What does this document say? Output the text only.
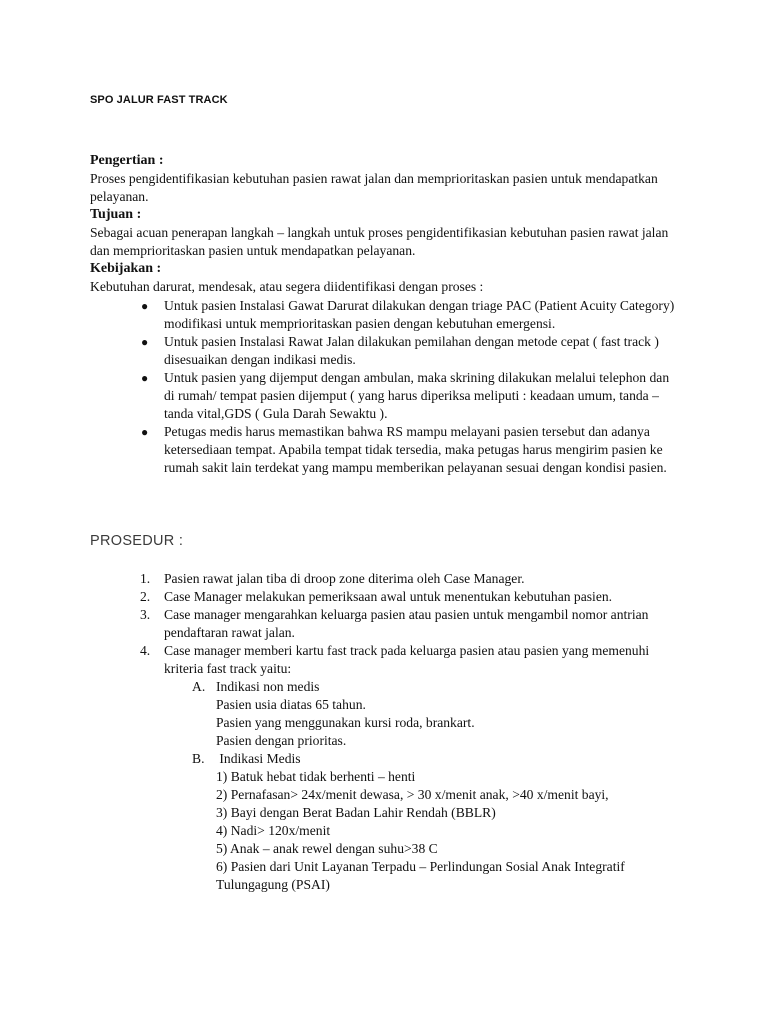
SPO JALUR FAST TRACK
Pengertian :

Proses pengidentifikasian kebutuhan pasien rawat jalan dan memprioritaskan pasien untuk mendapatkan pelayanan.

Tujuan :

Sebagai acuan penerapan langkah – langkah untuk proses pengidentifikasian kebutuhan pasien rawat jalan dan memprioritaskan pasien untuk mendapatkan pelayanan.

Kebijakan :

Kebutuhan darurat, mendesak, atau segera diidentifikasi dengan proses :

● Untuk pasien Instalasi Gawat Darurat dilakukan dengan triage PAC (Patient Acuity Category) modifikasi untuk memprioritaskan pasien dengan kebutuhan emergensi.
● Untuk pasien Instalasi Rawat Jalan dilakukan pemilahan dengan metode cepat ( fast track ) disesuaikan dengan indikasi medis.
● Untuk pasien yang dijemput dengan ambulan, maka skrining dilakukan melalui telephon dan di rumah/ tempat pasien dijemput ( yang harus diperiksa meliputi : keadaan umum, tanda – tanda vital,GDS ( Gula Darah Sewaktu ).
● Petugas medis harus memastikan bahwa RS mampu melayani pasien tersebut dan adanya ketersediaan tempat. Apabila tempat tidak tersedia, maka petugas harus mengirim pasien ke rumah sakit lain terdekat yang mampu memberikan pelayanan sesuai dengan kondisi pasien.
PROSEDUR :
1. Pasien rawat jalan tiba di droop zone diterima oleh Case Manager.
2. Case Manager melakukan pemeriksaan awal untuk menentukan kebutuhan pasien.
3. Case manager mengarahkan keluarga pasien atau pasien untuk mengambil nomor antrian pendaftaran rawat jalan.
4. Case manager memberi kartu fast track pada keluarga pasien atau pasien yang memenuhi kriteria fast track yaitu:
A. Indikasi non medis
Pasien usia diatas 65 tahun.
Pasien yang menggunakan kursi roda, brankart.
Pasien dengan prioritas.
B. Indikasi Medis
1) Batuk hebat tidak berhenti – henti
2) Pernafasan> 24x/menit dewasa, > 30 x/menit anak, >40 x/menit bayi,
3) Bayi dengan Berat Badan Lahir Rendah (BBLR)
4) Nadi> 120x/menit
5) Anak – anak rewel dengan suhu>38 C
6) Pasien dari Unit Layanan Terpadu – Perlindungan Sosial Anak Integratif Tulungagung (PSAI)
